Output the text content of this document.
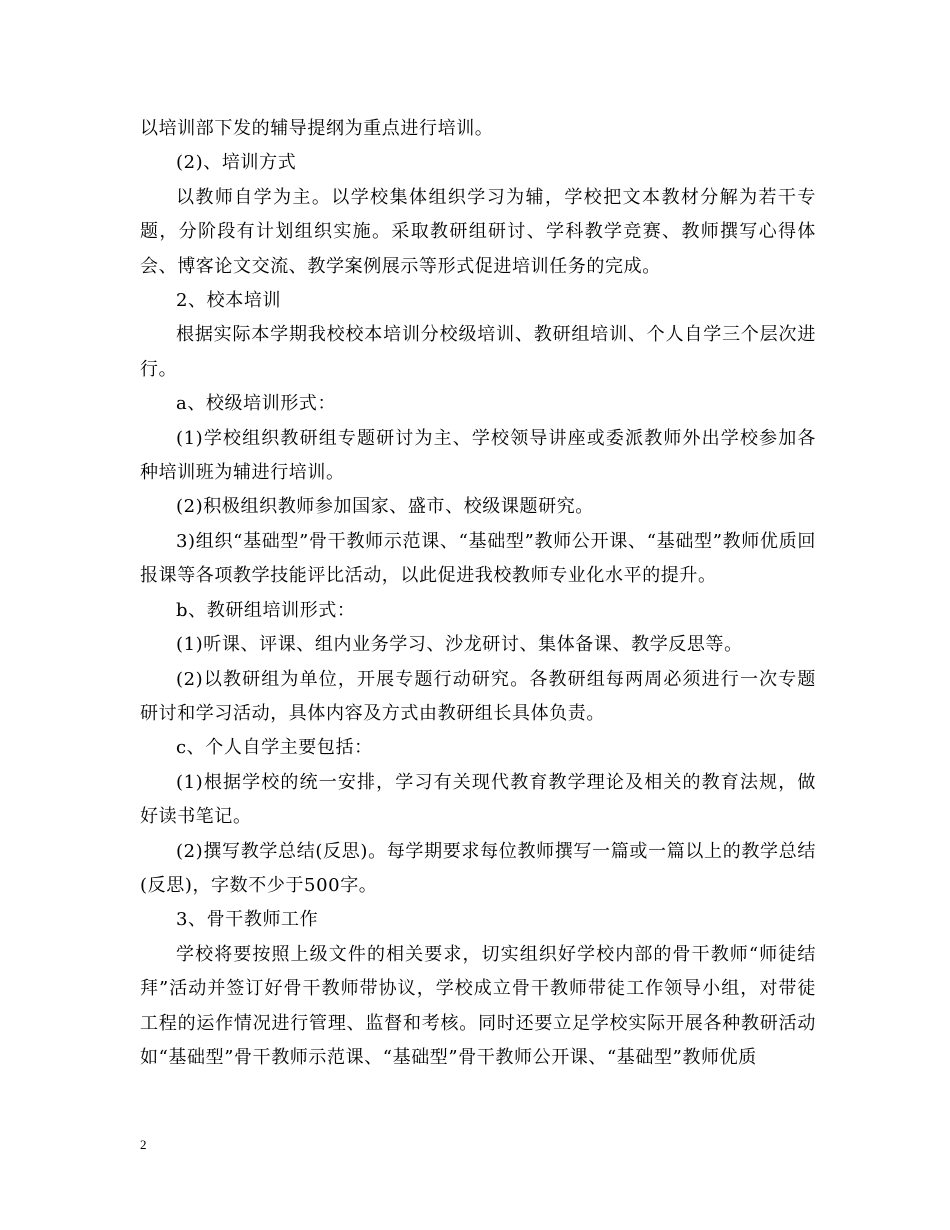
以培训部下发的辅导提纲为重点进行培训。

(2)、培训方式

以教师自学为主。以学校集体组织学习为辅，学校把文本教材分解为若干专题，分阶段有计划组织实施。采取教研组研讨、学科教学竞赛、教师撰写心得体会、博客论文交流、教学案例展示等形式促进培训任务的完成。

2、校本培训

根据实际本学期我校校本培训分校级培训、教研组培训、个人自学三个层次进行。

a、校级培训形式：

(1)学校组织教研组专题研讨为主、学校领导讲座或委派教师外出学校参加各种培训班为辅进行培训。

(2)积极组织教师参加国家、盛市、校级课题研究。

3)组织“基础型”骨干教师示范课、“基础型”教师公开课、“基础型”教师优质回报课等各项教学技能评比活动，以此促进我校教师专业化水平的提升。

b、教研组培训形式：

(1)听课、评课、组内业务学习、沙龙研讨、集体备课、教学反思等。

(2)以教研组为单位，开展专题行动研究。各教研组每两周必须进行一次专题研讨和学习活动，具体内容及方式由教研组长具体负责。

c、个人自学主要包括：

(1)根据学校的统一安排，学习有关现代教育教学理论及相关的教育法规，做好读书笔记。

(2)撰写教学总结(反思)。每学期要求每位教师撰写一篇或一篇以上的教学总结(反思)，字数不少于500字。

3、骨干教师工作

学校将要按照上级文件的相关要求，切实组织好学校内部的骨干教师“师徒结拜”活动并签订好骨干教师带协议，学校成立骨干教师带徒工作领导小组，对带徒工程的运作情况进行管理、监督和考核。同时还要立足学校实际开展各种教研活动如“基础型”骨干教师示范课、“基础型”骨干教师公开课、“基础型”教师优质

2
